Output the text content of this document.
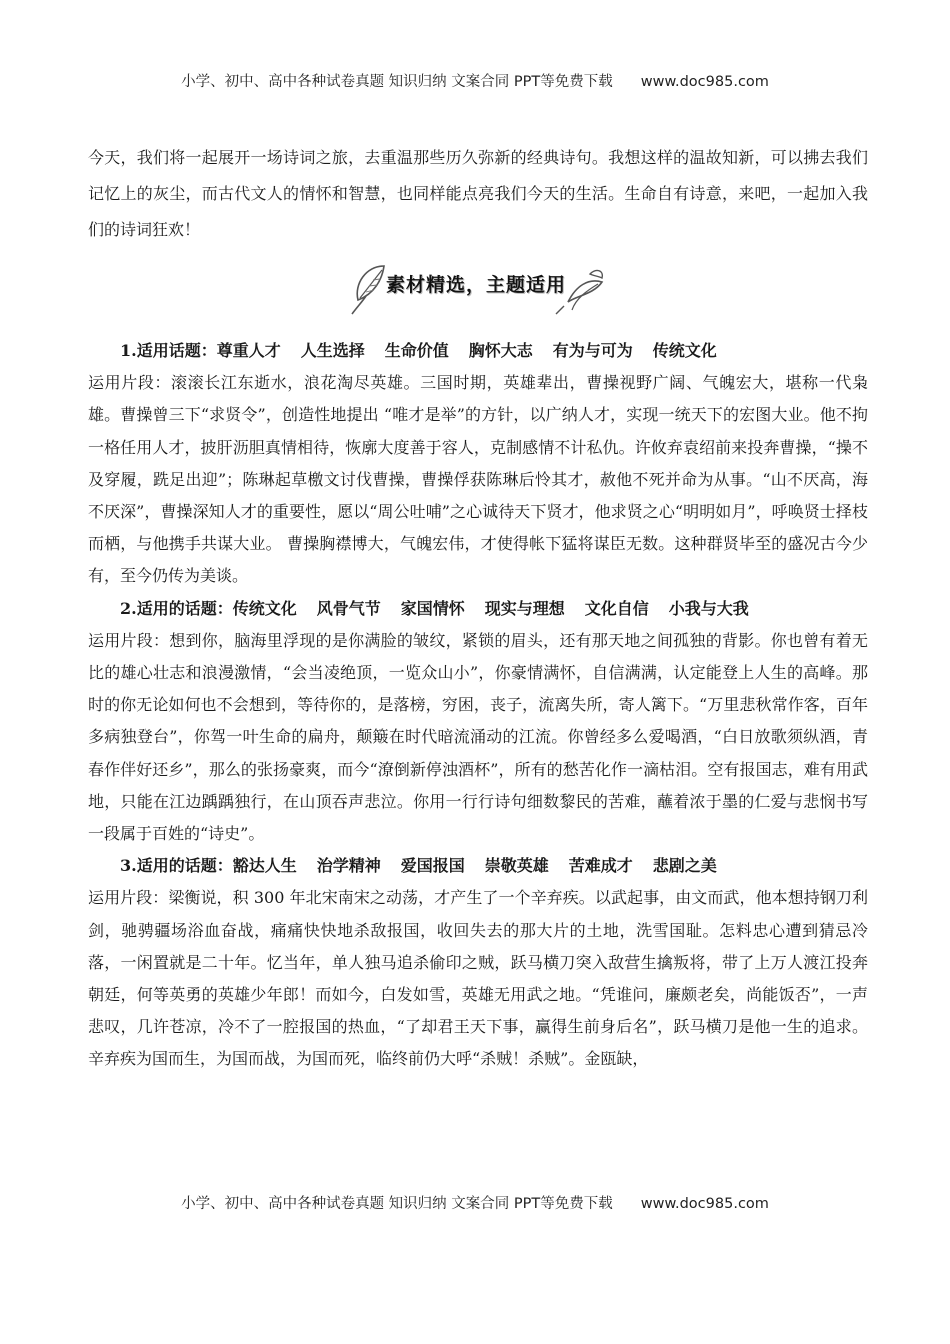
小学、初中、高中各种试卷真题 知识归纳 文案合同 PPT等免费下载 www.doc985.com

今天，我们将一起展开一场诗词之旅，去重温那些历久弥新的经典诗句。我想这样的温故知新，可以拂去我们记忆上的灰尘，而古代文人的情怀和智慧，也同样能点亮我们今天的生活。生命自有诗意，来吧，一起加入我们的诗词狂欢！

素材精选，主题适用

1.适用话题：尊重人才 人生选择 生命价值 胸怀大志 有为与可为 传统文化

运用片段：滚滚长江东逝水，浪花淘尽英雄。三国时期，英雄辈出，曹操视野广阔、气魄宏大，堪称一代枭雄。曹操曾三下“求贤令”，创造性地提出 “唯才是举”的方针，以广纳人才，实现一统天下的宏图大业。他不拘一格任用人才，披肝沥胆真情相待，恢廓大度善于容人，克制感情不计私仇。许攸弃袁绍前来投奔曹操，“操不及穿履，跣足出迎”；陈琳起草檄文讨伐曹操，曹操俘获陈琳后怜其才，赦他不死并命为从事。“山不厌高，海不厌深”，曹操深知人才的重要性，愿以“周公吐哺”之心诚待天下贤才，他求贤之心“明明如月”，呼唤贤士择枝而栖，与他携手共谋大业。 曹操胸襟博大，气魄宏伟，才使得帐下猛将谋臣无数。这种群贤毕至的盛况古今少有，至今仍传为美谈。

2.适用的话题：传统文化 风骨气节 家国情怀 现实与理想 文化自信 小我与大我

运用片段：想到你，脑海里浮现的是你满脸的皱纹，紧锁的眉头，还有那天地之间孤独的背影。你也曾有着无比的雄心壮志和浪漫激情，“会当凌绝顶，一览众山小”，你豪情满怀，自信满满，认定能登上人生的高峰。那时的你无论如何也不会想到，等待你的，是落榜，穷困，丧子，流离失所，寄人篱下。“万里悲秋常作客，百年多病独登台”，你驾一叶生命的扁舟，颠簸在时代暗流涌动的江流。你曾经多么爱喝酒，“白日放歌须纵酒，青春作伴好还乡”，那么的张扬豪爽，而今“潦倒新停浊酒杯”，所有的愁苦化作一滴枯泪。空有报国志，难有用武地，只能在江边踽踽独行，在山顶吞声悲泣。你用一行行诗句细数黎民的苦难，蘸着浓于墨的仁爱与悲悯书写一段属于百姓的“诗史”。

3.适用的话题：豁达人生 治学精神 爱国报国 崇敬英雄 苦难成才 悲剧之美

运用片段：梁衡说，积 300 年北宋南宋之动荡，才产生了一个辛弃疾。以武起事，由文而武，他本想持钢刀利剑，驰骋疆场浴血奋战，痛痛快快地杀敌报国，收回失去的那大片的土地，洗雪国耻。怎料忠心遭到猜忌冷落，一闲置就是二十年。忆当年，单人独马追杀偷印之贼，跃马横刀突入敌营生擒叛将，带了上万人渡江投奔朝廷，何等英勇的英雄少年郎！而如今，白发如雪，英雄无用武之地。“凭谁问，廉颇老矣，尚能饭否”，一声悲叹，几许苍凉，冷不了一腔报国的热血，“了却君王天下事，赢得生前身后名”，跃马横刀是他一生的追求。辛弃疾为国而生，为国而战，为国而死，临终前仍大呼“杀贼！杀贼”。金瓯缺，

小学、初中、高中各种试卷真题 知识归纳 文案合同 PPT等免费下载 www.doc985.com
